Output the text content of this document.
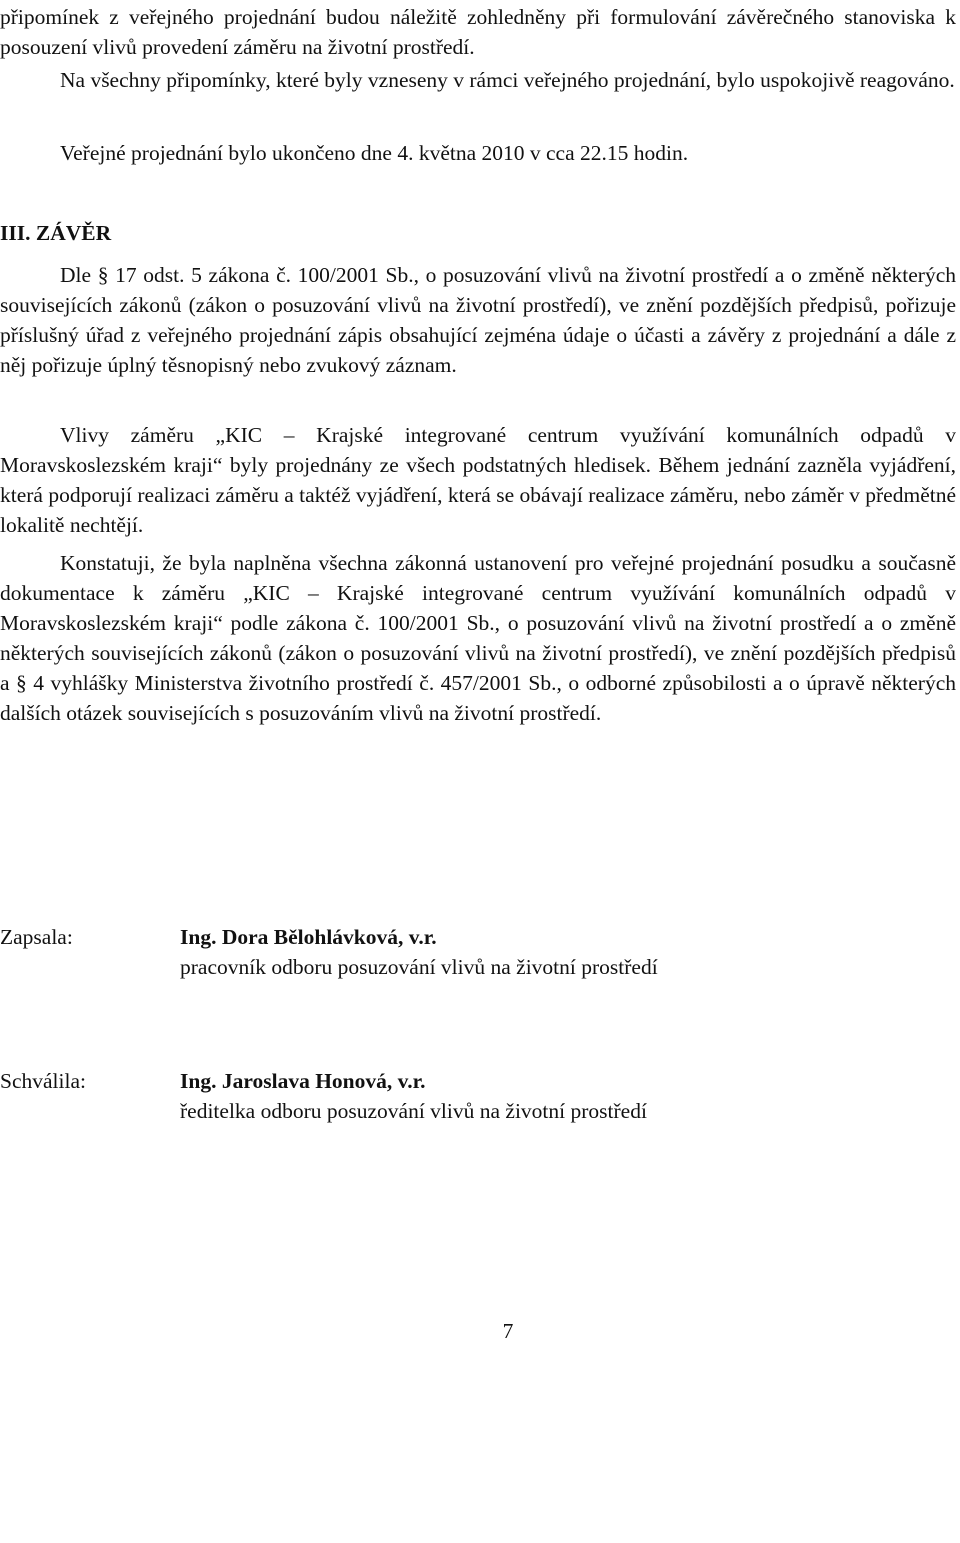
připomínek z veřejného projednání budou náležitě zohledněny při formulování závěrečného stanoviska k posouzení vlivů provedení záměru na životní prostředí.

Na všechny připomínky, které byly vzneseny v rámci veřejného projednání, bylo uspokojivě reagováno.

Veřejné projednání bylo ukončeno dne 4. května 2010 v cca 22.15 hodin.

III. ZÁVĚR

Dle § 17 odst. 5 zákona č. 100/2001 Sb., o posuzování vlivů na životní prostředí a o změně některých souvisejících zákonů (zákon o posuzování vlivů na životní prostředí), ve znění pozdějších předpisů, pořizuje příslušný úřad z veřejného projednání zápis obsahující zejména údaje o účasti a závěry z projednání a dále z něj pořizuje úplný těsnopisný nebo zvukový záznam.

Vlivy záměru „KIC – Krajské integrované centrum využívání komunálních odpadů v Moravskoslezském kraji“ byly projednány ze všech podstatných hledisek. Během jednání zazněla vyjádření, která podporují realizaci záměru a taktéž vyjádření, která se obávají realizace záměru, nebo záměr v předmětné lokalitě nechtějí.

Konstatuji, že byla naplněna všechna zákonná ustanovení pro veřejné projednání posudku a současně dokumentace k záměru „KIC – Krajské integrované centrum využívání komunálních odpadů v Moravskoslezském kraji“ podle zákona č. 100/2001 Sb., o posuzování vlivů na životní prostředí a o změně některých souvisejících zákonů (zákon o posuzování vlivů na životní prostředí), ve znění pozdějších předpisů a § 4 vyhlášky Ministerstva životního prostředí č. 457/2001 Sb., o odborné způsobilosti a o úpravě některých dalších otázek souvisejících s posuzováním vlivů na životní prostředí.

Zapsala:	Ing. Dora Bělohlávková, v.r.
pracovník odboru posuzování vlivů na životní prostředí
Schválila:	Ing. Jaroslava Honová, v.r.
ředitelka odboru posuzování vlivů na životní prostředí
7
